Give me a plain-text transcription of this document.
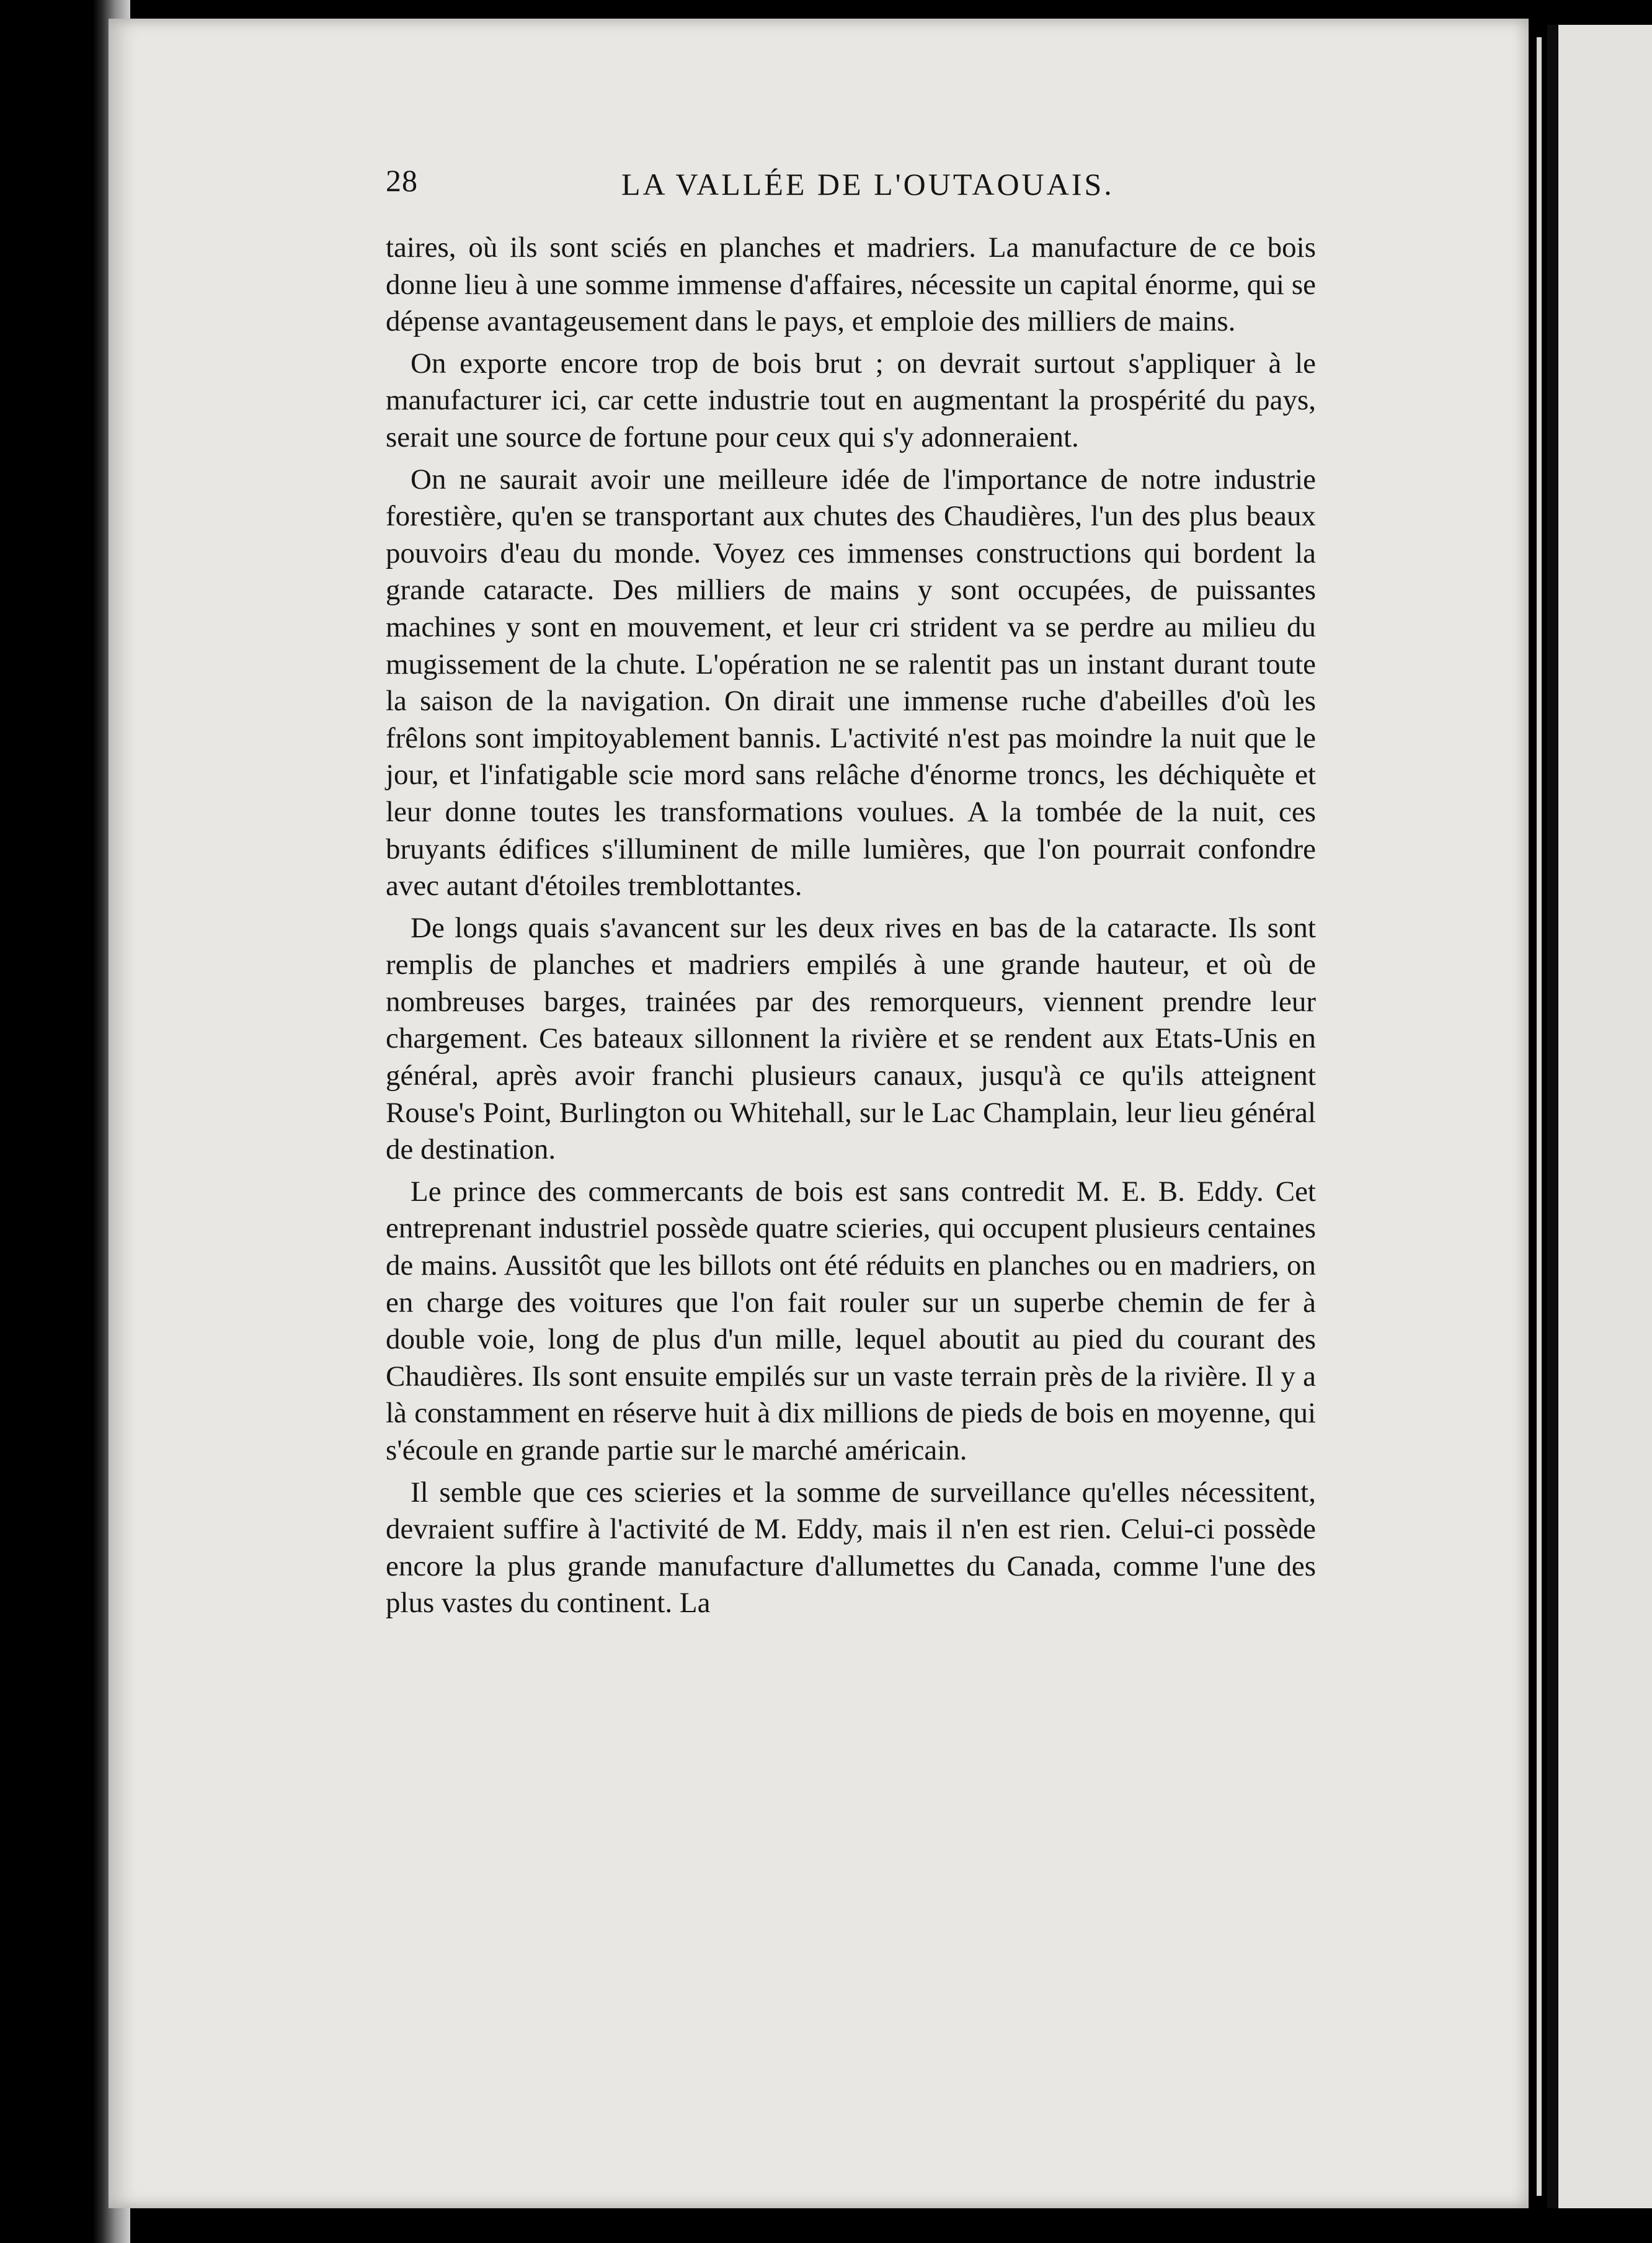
28	LA VALLÉE DE L'OUTAOUAIS.

taires, où ils sont sciés en planches et madriers. La manufacture de ce bois donne lieu à une somme immense d'affaires, nécessite un capital énorme, qui se dépense avantageusement dans le pays, et emploie des milliers de mains.

On exporte encore trop de bois brut ; on devrait surtout s'appliquer à le manufacturer ici, car cette industrie tout en augmentant la prospérité du pays, serait une source de fortune pour ceux qui s'y adonneraient.

On ne saurait avoir une meilleure idée de l'importance de notre industrie forestière, qu'en se transportant aux chutes des Chaudières, l'un des plus beaux pouvoirs d'eau du monde. Voyez ces immenses constructions qui bordent la grande cataracte. Des milliers de mains y sont occupées, de puissantes machines y sont en mouvement, et leur cri strident va se perdre au milieu du mugissement de la chute. L'opération ne se ralentit pas un instant durant toute la saison de la navigation. On dirait une immense ruche d'abeilles d'où les frêlons sont impitoyablement bannis. L'activité n'est pas moindre la nuit que le jour, et l'infatigable scie mord sans relâche d'énorme troncs, les déchiquète et leur donne toutes les transformations voulues. A la tombée de la nuit, ces bruyants édifices s'illuminent de mille lumières, que l'on pourrait confondre avec autant d'étoiles tremblottantes.

De longs quais s'avancent sur les deux rives en bas de la cataracte. Ils sont remplis de planches et madriers empilés à une grande hauteur, et où de nombreuses barges, trainées par des remorqueurs, viennent prendre leur chargement. Ces bateaux sillonnent la rivière et se rendent aux Etats-Unis en général, après avoir franchi plusieurs canaux, jusqu'à ce qu'ils atteignent Rouse's Point, Burlington ou Whitehall, sur le Lac Champlain, leur lieu général de destination.

Le prince des commercants de bois est sans contredit M. E. B. Eddy. Cet entreprenant industriel possède quatre scieries, qui occupent plusieurs centaines de mains. Aussitôt que les billots ont été réduits en planches ou en madriers, on en charge des voitures que l'on fait rouler sur un superbe chemin de fer à double voie, long de plus d'un mille, lequel aboutit au pied du courant des Chaudières. Ils sont ensuite empilés sur un vaste terrain près de la rivière. Il y a là constamment en réserve huit à dix millions de pieds de bois en moyenne, qui s'écoule en grande partie sur le marché américain.

Il semble que ces scieries et la somme de surveillance qu'elles nécessitent, devraient suffire à l'activité de M. Eddy, mais il n'en est rien. Celui-ci possède encore la plus grande manufacture d'allumettes du Canada, comme l'une des plus vastes du continent. La
